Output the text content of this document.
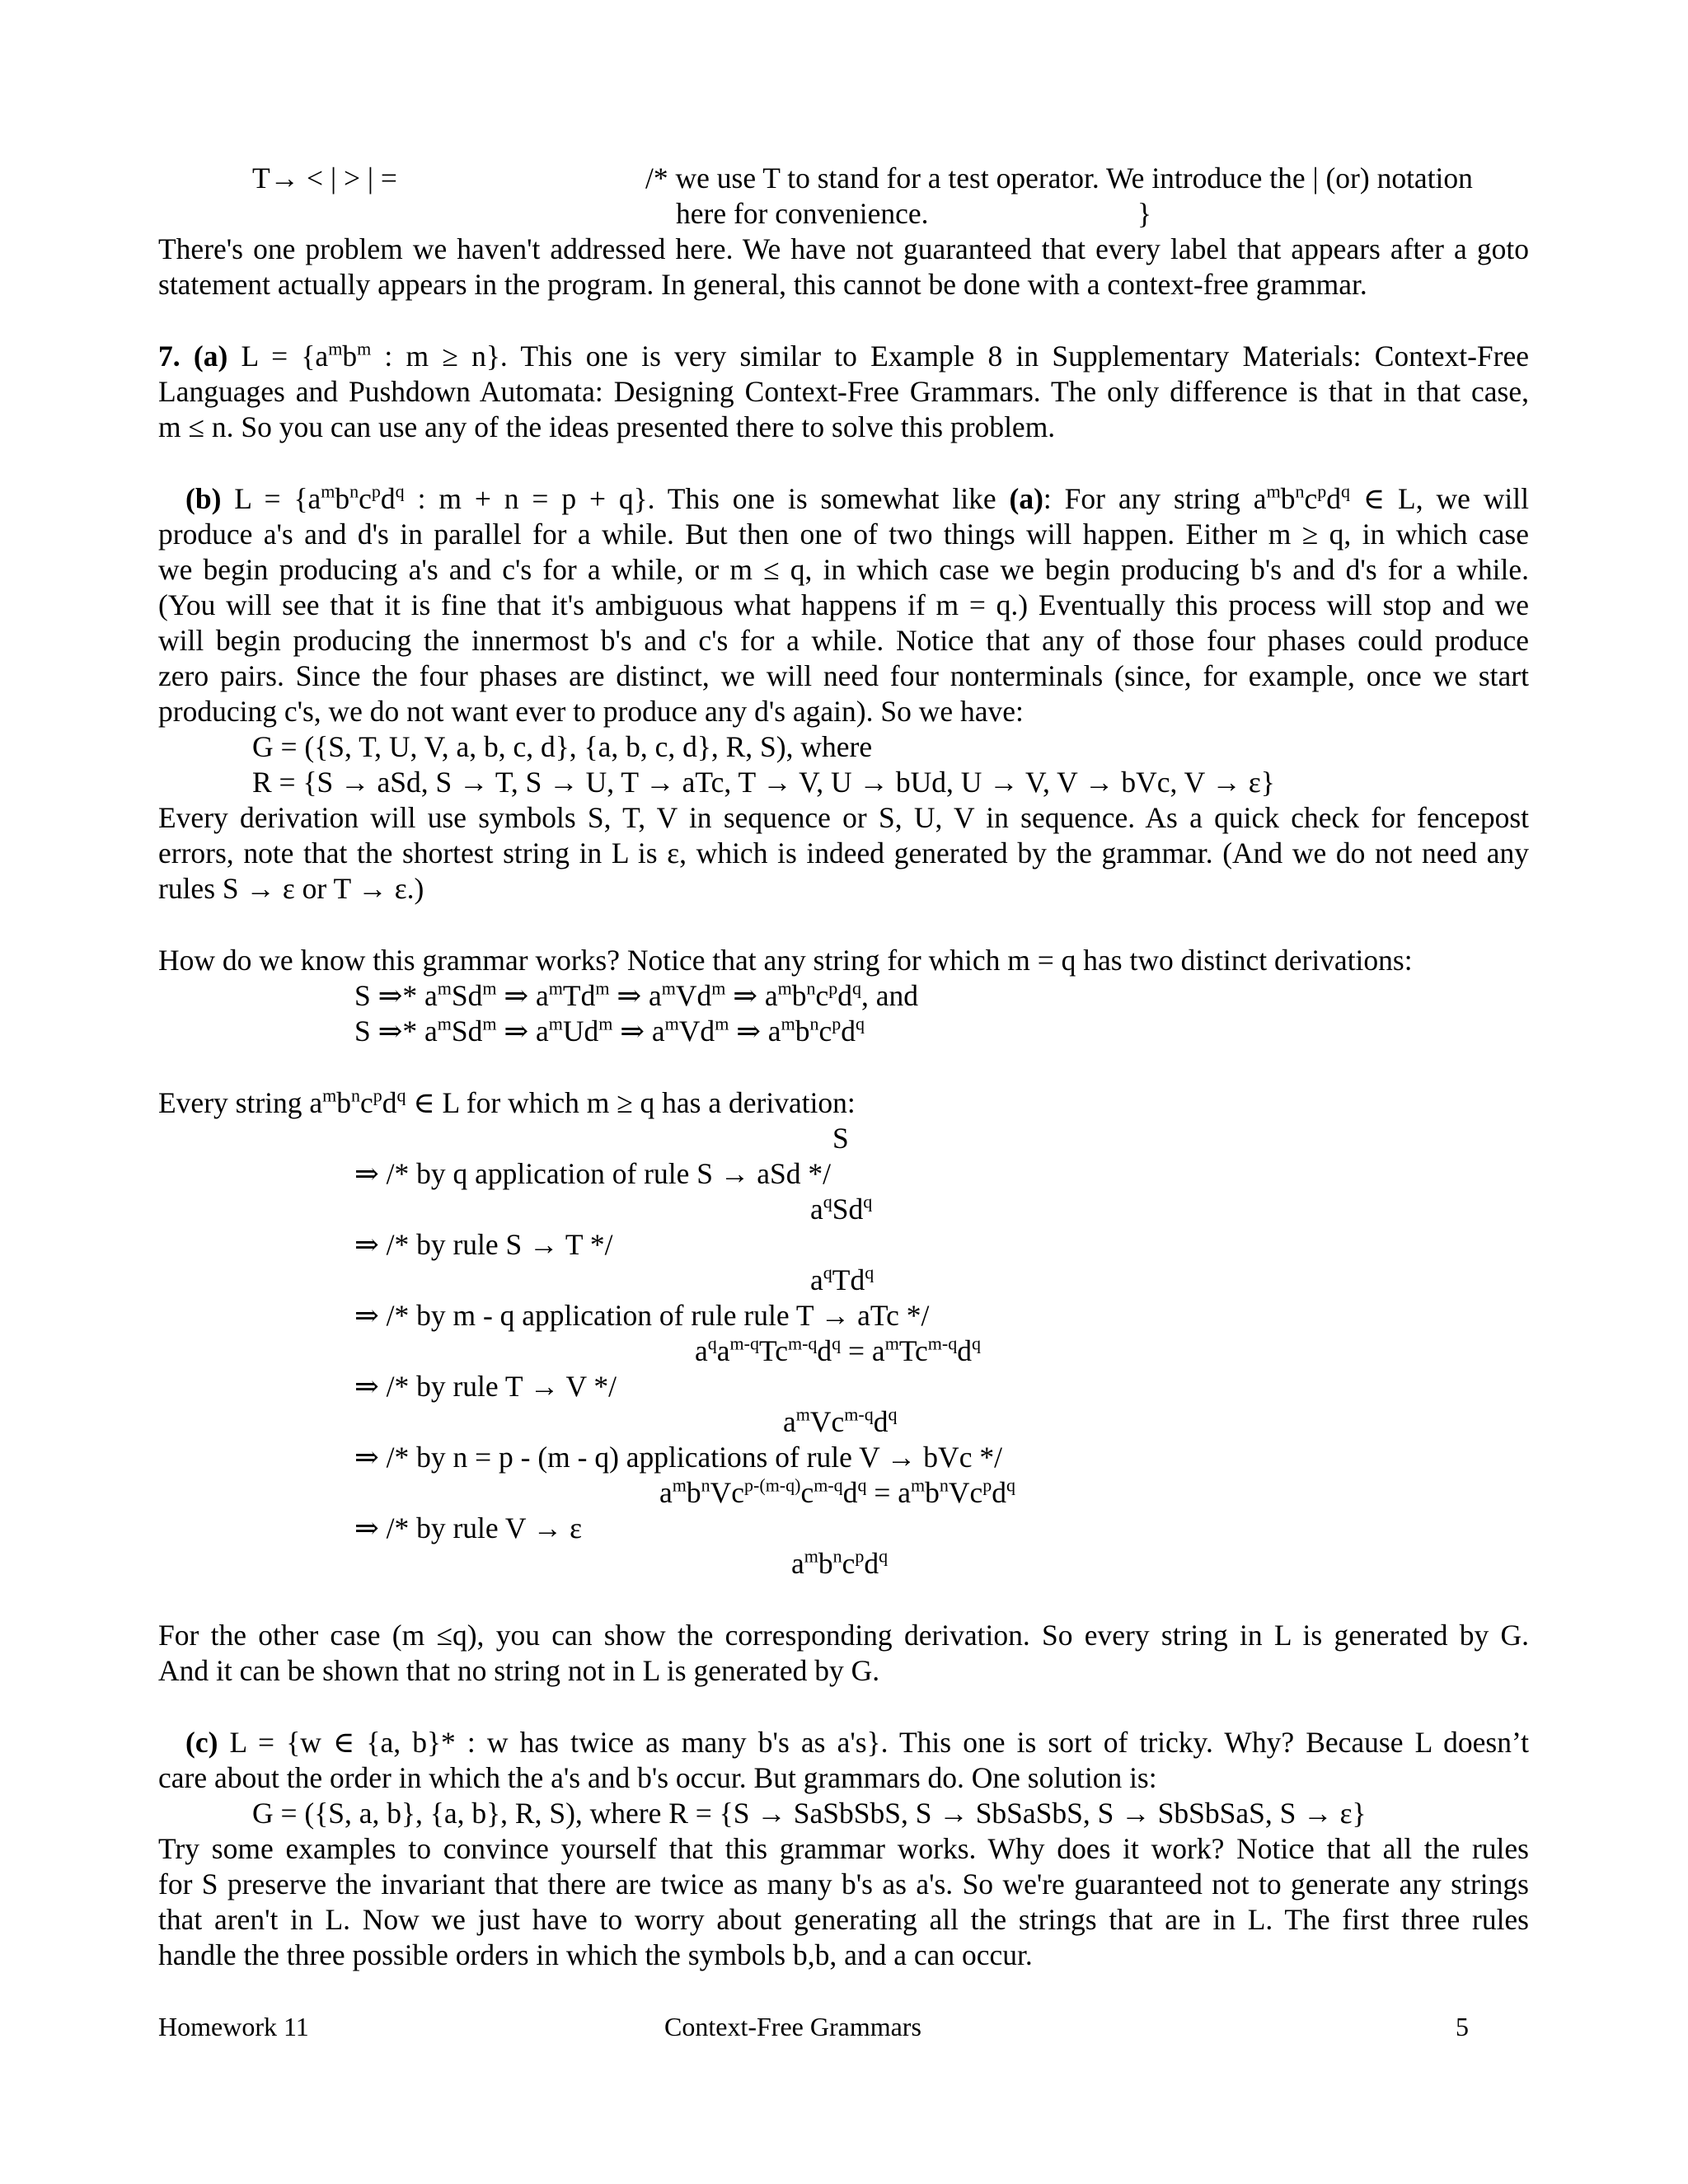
T→ < | > | =	/* we use T to stand for a test operator. We introduce the | (or) notation
here for convenience.	}
There's one problem we haven't addressed here. We have not guaranteed that every label that appears after a goto
statement actually appears in the program. In general, this cannot be done with a context-free grammar.
7. (a) $L = \{a^mb^m$ : m ≥ n}. This one is very similar to Example 8 in Supplementary Materials: Context-Free
Languages and Pushdown Automata: Designing Context-Free Grammars. The only difference is that in that case,
m ≤ n. So you can use any of the ideas presented there to solve this problem.
(b) $L = \{a^mb^nc^pd^q$ : m + n = p + q}. This one is somewhat like (a): For any string $a^mb^nc^pd^q$ ∈ L, we will
produce a's and d's in parallel for a while. But then one of two things will happen. Either m ≥ q, in which case
we begin producing a's and c's for a while, or m ≤ q, in which case we begin producing b's and d's for a while.
(You will see that it is fine that it's ambiguous what happens if m = q.) Eventually this process will stop and we
will begin producing the innermost b's and c's for a while. Notice that any of those four phases could produce
zero pairs. Since the four phases are distinct, we will need four nonterminals (since, for example, once we start
producing c's, we do not want ever to produce any d's again). So we have:
G = ({S, T, U, V, a, b, c, d}, {a, b, c, d}, R, S), where
R = {S → aSd, S → T, S → U, T → aTc, T → V, U → bUd, U → V, V → bVc, V → ε}
Every derivation will use symbols S, T, V in sequence or S, U, V in sequence. As a quick check for fencepost
errors, note that the shortest string in L is ε, which is indeed generated by the grammar. (And we do not need any
rules S → ε or T → ε.)
How do we know this grammar works? Notice that any string for which m = q has two distinct derivations:
S ⇒* $a^mSd^m$ ⇒ $a^mTd^m$ ⇒ $a^mVd^m$ ⇒ $a^mb^nc^pd^q$, and
S ⇒* $a^mSd^m$ ⇒ $a^mUd^m$ ⇒ $a^mVd^m$ ⇒ $a^mb^nc^pd^q$
Every string $a^mb^nc^pd^q$ ∈ L for which m ≥ q has a derivation:
S
⇒ /* by q application of rule S → aSd */
$a^qSd^q$
⇒ /* by rule S → T */
$a^qTd^q$
⇒ /* by m - q application of rule rule T → aTc */
$a^qa^{m-q}Tc^{m-q}d^q = a^mTc^{m-q}d^q$
⇒ /* by rule T → V */
$a^mVc^{m-q}d^q$
⇒ /* by n = p - (m - q) applications of rule V → bVc */
$a^mb^nVc^{p-(m-q)}c^{m-q}d^q = a^mb^nVc^pd^q$
⇒ /* by rule V → ε
$a^mb^nc^pd^q$
For the other case (m ≤q), you can show the corresponding derivation. So every string in L is generated by G.
And it can be shown that no string not in L is generated by G.
(c) L = {w ∈ {a, b}* : w has twice as many b's as a's}. This one is sort of tricky. Why? Because L doesn’t
care about the order in which the a's and b's occur. But grammars do. One solution is:
G = ({S, a, b}, {a, b}, R, S), where R = {S → SaSbSbS, S → SbSaSbS, S → SbSbSaS, S → ε}
Try some examples to convince yourself that this grammar works. Why does it work? Notice that all the rules
for S preserve the invariant that there are twice as many b's as a's. So we're guaranteed not to generate any strings
that aren't in L. Now we just have to worry about generating all the strings that are in L. The first three rules
handle the three possible orders in which the symbols b,b, and a can occur.
Homework 11	Context-Free Grammars	5
